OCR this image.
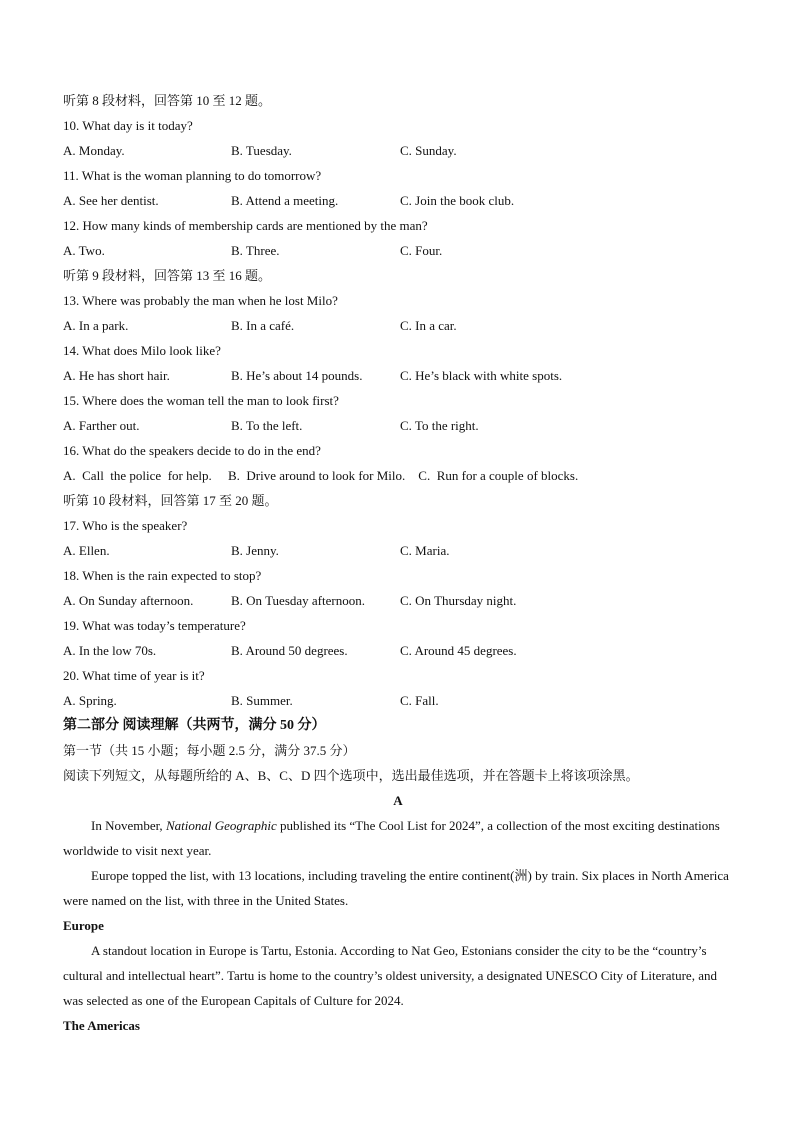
听第 8 段材料，回答第 10 至 12 题。
10. What day is it today?
A. Monday.	B. Tuesday.	C. Sunday.
11. What is the woman planning to do tomorrow?
A. See her dentist.	B. Attend a meeting.	C. Join the book club.
12. How many kinds of membership cards are mentioned by the man?
A. Two.	B. Three.	C. Four.
听第 9 段材料，回答第 13 至 16 题。
13. Where was probably the man when he lost Milo?
A. In a park.	B. In a café.	C. In a car.
14. What does Milo look like?
A. He has short hair.	B. He’s about 14 pounds.	C. He’s black with white spots.
15. Where does the woman tell the man to look first?
A. Farther out.	B. To the left.	C. To the right.
16. What do the speakers decide to do in the end?
A.  Call  the police  for help.     B.  Drive around to look for Milo.    C.  Run for a couple of blocks.
听第 10 段材料，回答第 17 至 20 题。
17. Who is the speaker?
A. Ellen.	B. Jenny.	C. Maria.
18. When is the rain expected to stop?
A. On Sunday afternoon.	B. On Tuesday afternoon.	C. On Thursday night.
19. What was today’s temperature?
A. In the low 70s.	B. Around 50 degrees.	C. Around 45 degrees.
20. What time of year is it?
A. Spring.	B. Summer.	C. Fall.
第二部分 阅读理解（共两节，满分 50 分）
第一节（共 15 小题；每小题 2.5 分，满分 37.5 分）
阅读下列短文，从每题所给的 A、B、C、D 四个选项中，选出最佳选项，并在答题卡上将该项涂黑。
A
In November, National Geographic published its “The Cool List for 2024”, a collection of the most exciting destinations worldwide to visit next year.
Europe topped the list, with 13 locations, including traveling the entire continent(洲) by train. Six places in North America were named on the list, with three in the United States.
Europe
A standout location in Europe is Tartu, Estonia. According to Nat Geo, Estonians consider the city to be the “country’s cultural and intellectual heart”. Tartu is home to the country’s oldest university, a designated UNESCO City of Literature, and was selected as one of the European Capitals of Culture for 2024.
The Americas
